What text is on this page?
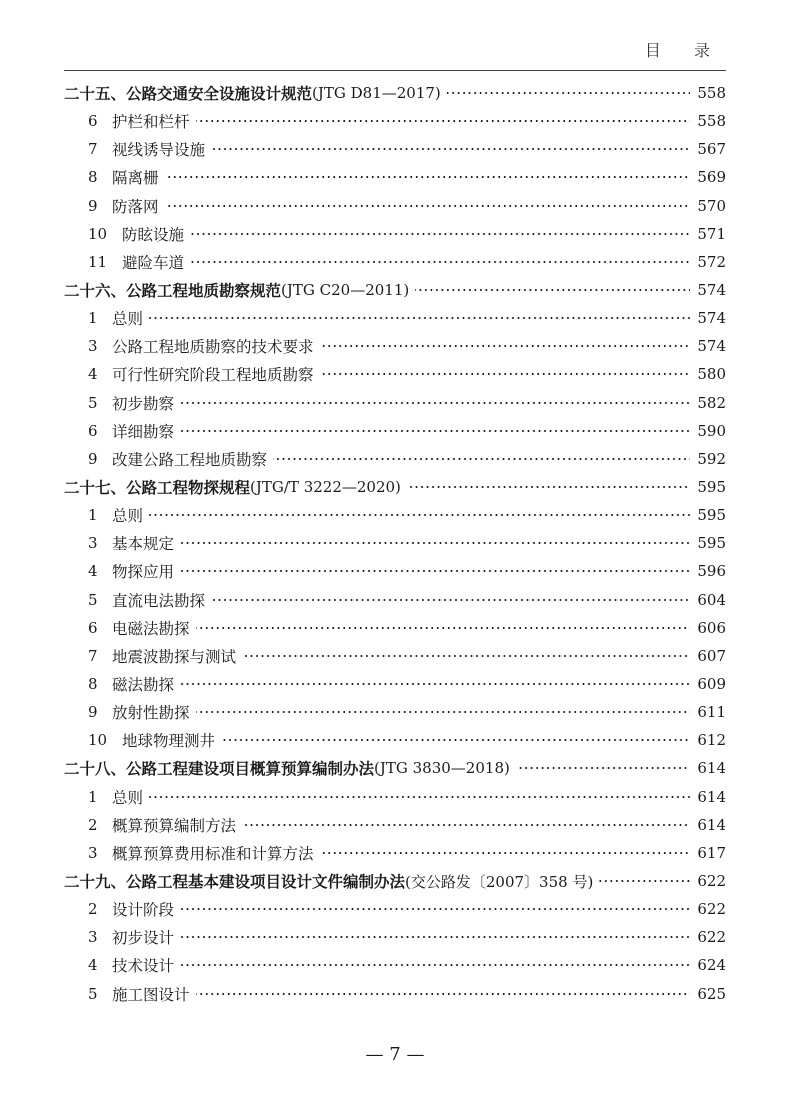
目 录
二十五、公路交通安全设施设计规范 (JTG D81—2017)	558
6 护栏和栏杆	558
7 视线诱导设施	567
8 隔离栅	569
9 防落网	570
10 防眩设施	571
11 避险车道	572
二十六、公路工程地质勘察规范 (JTG C20—2011)	574
1 总则	574
3 公路工程地质勘察的技术要求	574
4 可行性研究阶段工程地质勘察	580
5 初步勘察	582
6 详细勘察	590
9 改建公路工程地质勘察	592
二十七、公路工程物探规程 (JTG/T 3222—2020)	595
1 总则	595
3 基本规定	595
4 物探应用	596
5 直流电法勘探	604
6 电磁法勘探	606
7 地震波勘探与测试	607
8 磁法勘探	609
9 放射性勘探	611
10 地球物理测井	612
二十八、公路工程建设项目概算预算编制办法 (JTG 3830—2018)	614
1 总则	614
2 概算预算编制方法	614
3 概算预算费用标准和计算方法	617
二十九、公路工程基本建设项目设计文件编制办法 (交公路发〔2007〕358 号)	622
2 设计阶段	622
3 初步设计	622
4 技术设计	624
5 施工图设计	625
— 7 —
